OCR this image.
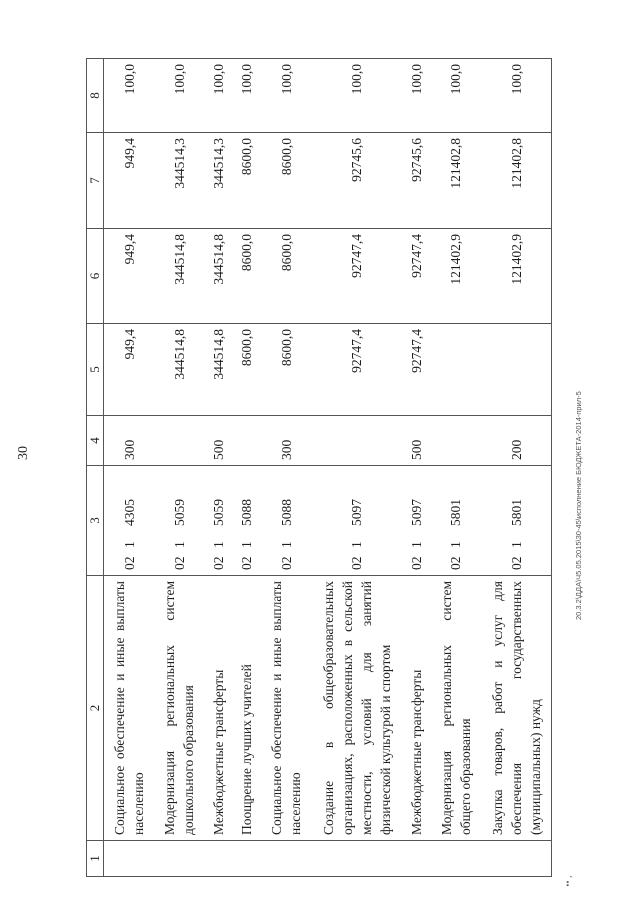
30
1	2	3	4	5	6	7	8
	Социальное обеспечение и иные выплаты населению	0214305	300	949,4	949,4	949,4	100,0
	Модернизация региональных систем дошкольного образования	0215059		344514,8	344514,8	344514,3	100,0
	Межбюджетные трансферты	0215059	500	344514,8	344514,8	344514,3	100,0
	Поощрение лучших учителей	0215088		8600,0	8600,0	8600,0	100,0
	Социальное обеспечение и иные выплаты населению	0215088	300	8600,0	8600,0	8600,0	100,0
	Создание в общеобразовательных организациях, расположенных в сельской местности, условий для занятий физической культурой и спортом	0215097		92747,4	92747,4	92745,6	100,0
	Межбюджетные трансферты	0215097	500	92747,4	92747,4	92745,6	100,0
	Модернизация региональных систем общего образования	0215801			121402,9	121402,8	100,0
	Закупка товаров, работ и услуг для обеспечения государственных (муниципальных) нужд	0215801	200		121402,9	121402,8	100,0
20.3.2\ДДА\Ч5.05.2015\30-45\исполнение БЮДЖЕТА-2014-прил-5
•• ‚
